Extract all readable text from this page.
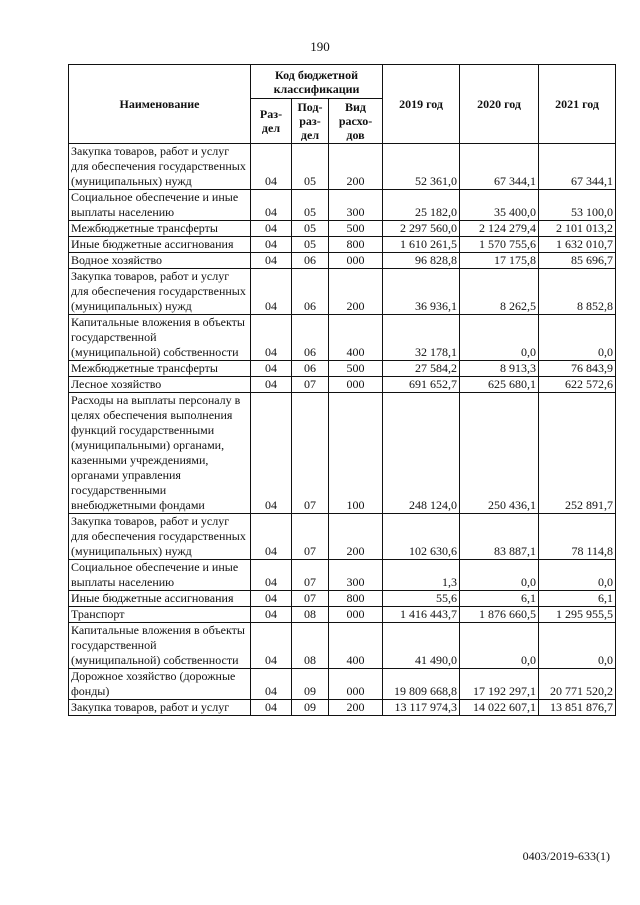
190
Наименование	Код бюджетной классификации			2019 год	2020 год	2021 год
	Раз-дел	Под-раз-дел	Вид расхо-дов			
Закупка товаров, работ и услуг для обеспечения государственных (муниципальных) нужд	04	05	200	52 361,0	67 344,1	67 344,1
Социальное обеспечение и иные выплаты населению	04	05	300	25 182,0	35 400,0	53 100,0
Межбюджетные трансферты	04	05	500	2 297 560,0	2 124 279,4	2 101 013,2
Иные бюджетные ассигнования	04	05	800	1 610 261,5	1 570 755,6	1 632 010,7
Водное хозяйство	04	06	000	96 828,8	17 175,8	85 696,7
Закупка товаров, работ и услуг для обеспечения государственных (муниципальных) нужд	04	06	200	36 936,1	8 262,5	8 852,8
Капитальные вложения в объекты государственной (муниципальной) собственности	04	06	400	32 178,1	0,0	0,0
Межбюджетные трансферты	04	06	500	27 584,2	8 913,3	76 843,9
Лесное хозяйство	04	07	000	691 652,7	625 680,1	622 572,6
Расходы на выплаты персоналу в целях обеспечения выполнения функций государственными (муниципальными) органами, казенными учреждениями, органами управления государственными внебюджетными фондами	04	07	100	248 124,0	250 436,1	252 891,7
Закупка товаров, работ и услуг для обеспечения государственных (муниципальных) нужд	04	07	200	102 630,6	83 887,1	78 114,8
Социальное обеспечение и иные выплаты населению	04	07	300	1,3	0,0	0,0
Иные бюджетные ассигнования	04	07	800	55,6	6,1	6,1
Транспорт	04	08	000	1 416 443,7	1 876 660,5	1 295 955,5
Капитальные вложения в объекты государственной (муниципальной) собственности	04	08	400	41 490,0	0,0	0,0
Дорожное хозяйство (дорожные фонды)	04	09	000	19 809 668,8	17 192 297,1	20 771 520,2
Закупка товаров, работ и услуг	04	09	200	13 117 974,3	14 022 607,1	13 851 876,7
0403/2019-633(1)
